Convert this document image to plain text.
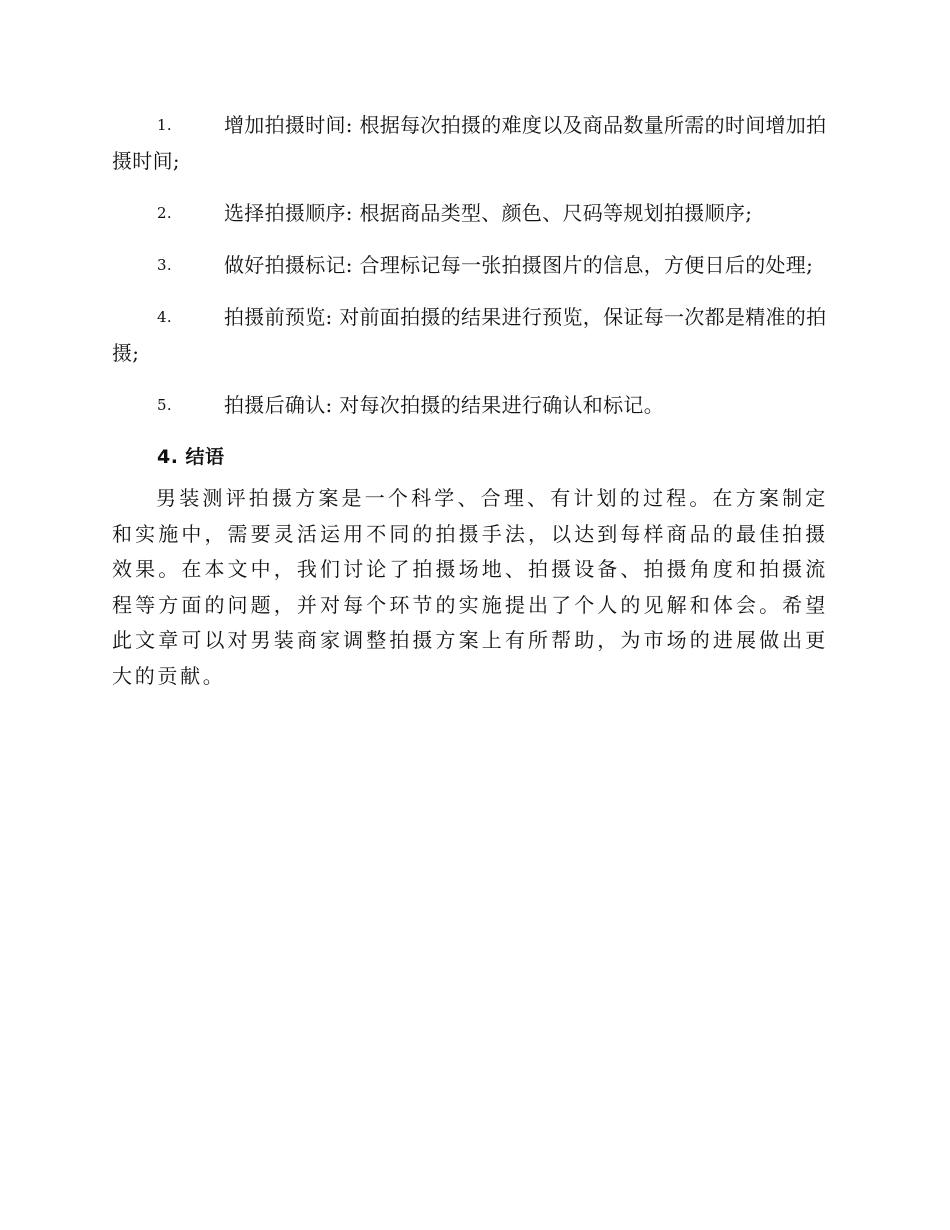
1.	增加拍摄时间: 根据每次拍摄的难度以及商品数量所需的时间增加拍摄时间;
2.	选择拍摄顺序: 根据商品类型、颜色、尺码等规划拍摄顺序;
3.	做好拍摄标记: 合理标记每一张拍摄图片的信息，方便日后的处理;
4.	拍摄前预览: 对前面拍摄的结果进行预览，保证每一次都是精准的拍摄;
5.	拍摄后确认: 对每次拍摄的结果进行确认和标记。
4. 结语

男装测评拍摄方案是一个科学、合理、有计划的过程。在方案制定和实施中，需要灵活运用不同的拍摄手法，以达到每样商品的最佳拍摄效果。在本文中，我们讨论了拍摄场地、拍摄设备、拍摄角度和拍摄流程等方面的问题，并对每个环节的实施提出了个人的见解和体会。希望此文章可以对男装商家调整拍摄方案上有所帮助，为市场的进展做出更大的贡献。
